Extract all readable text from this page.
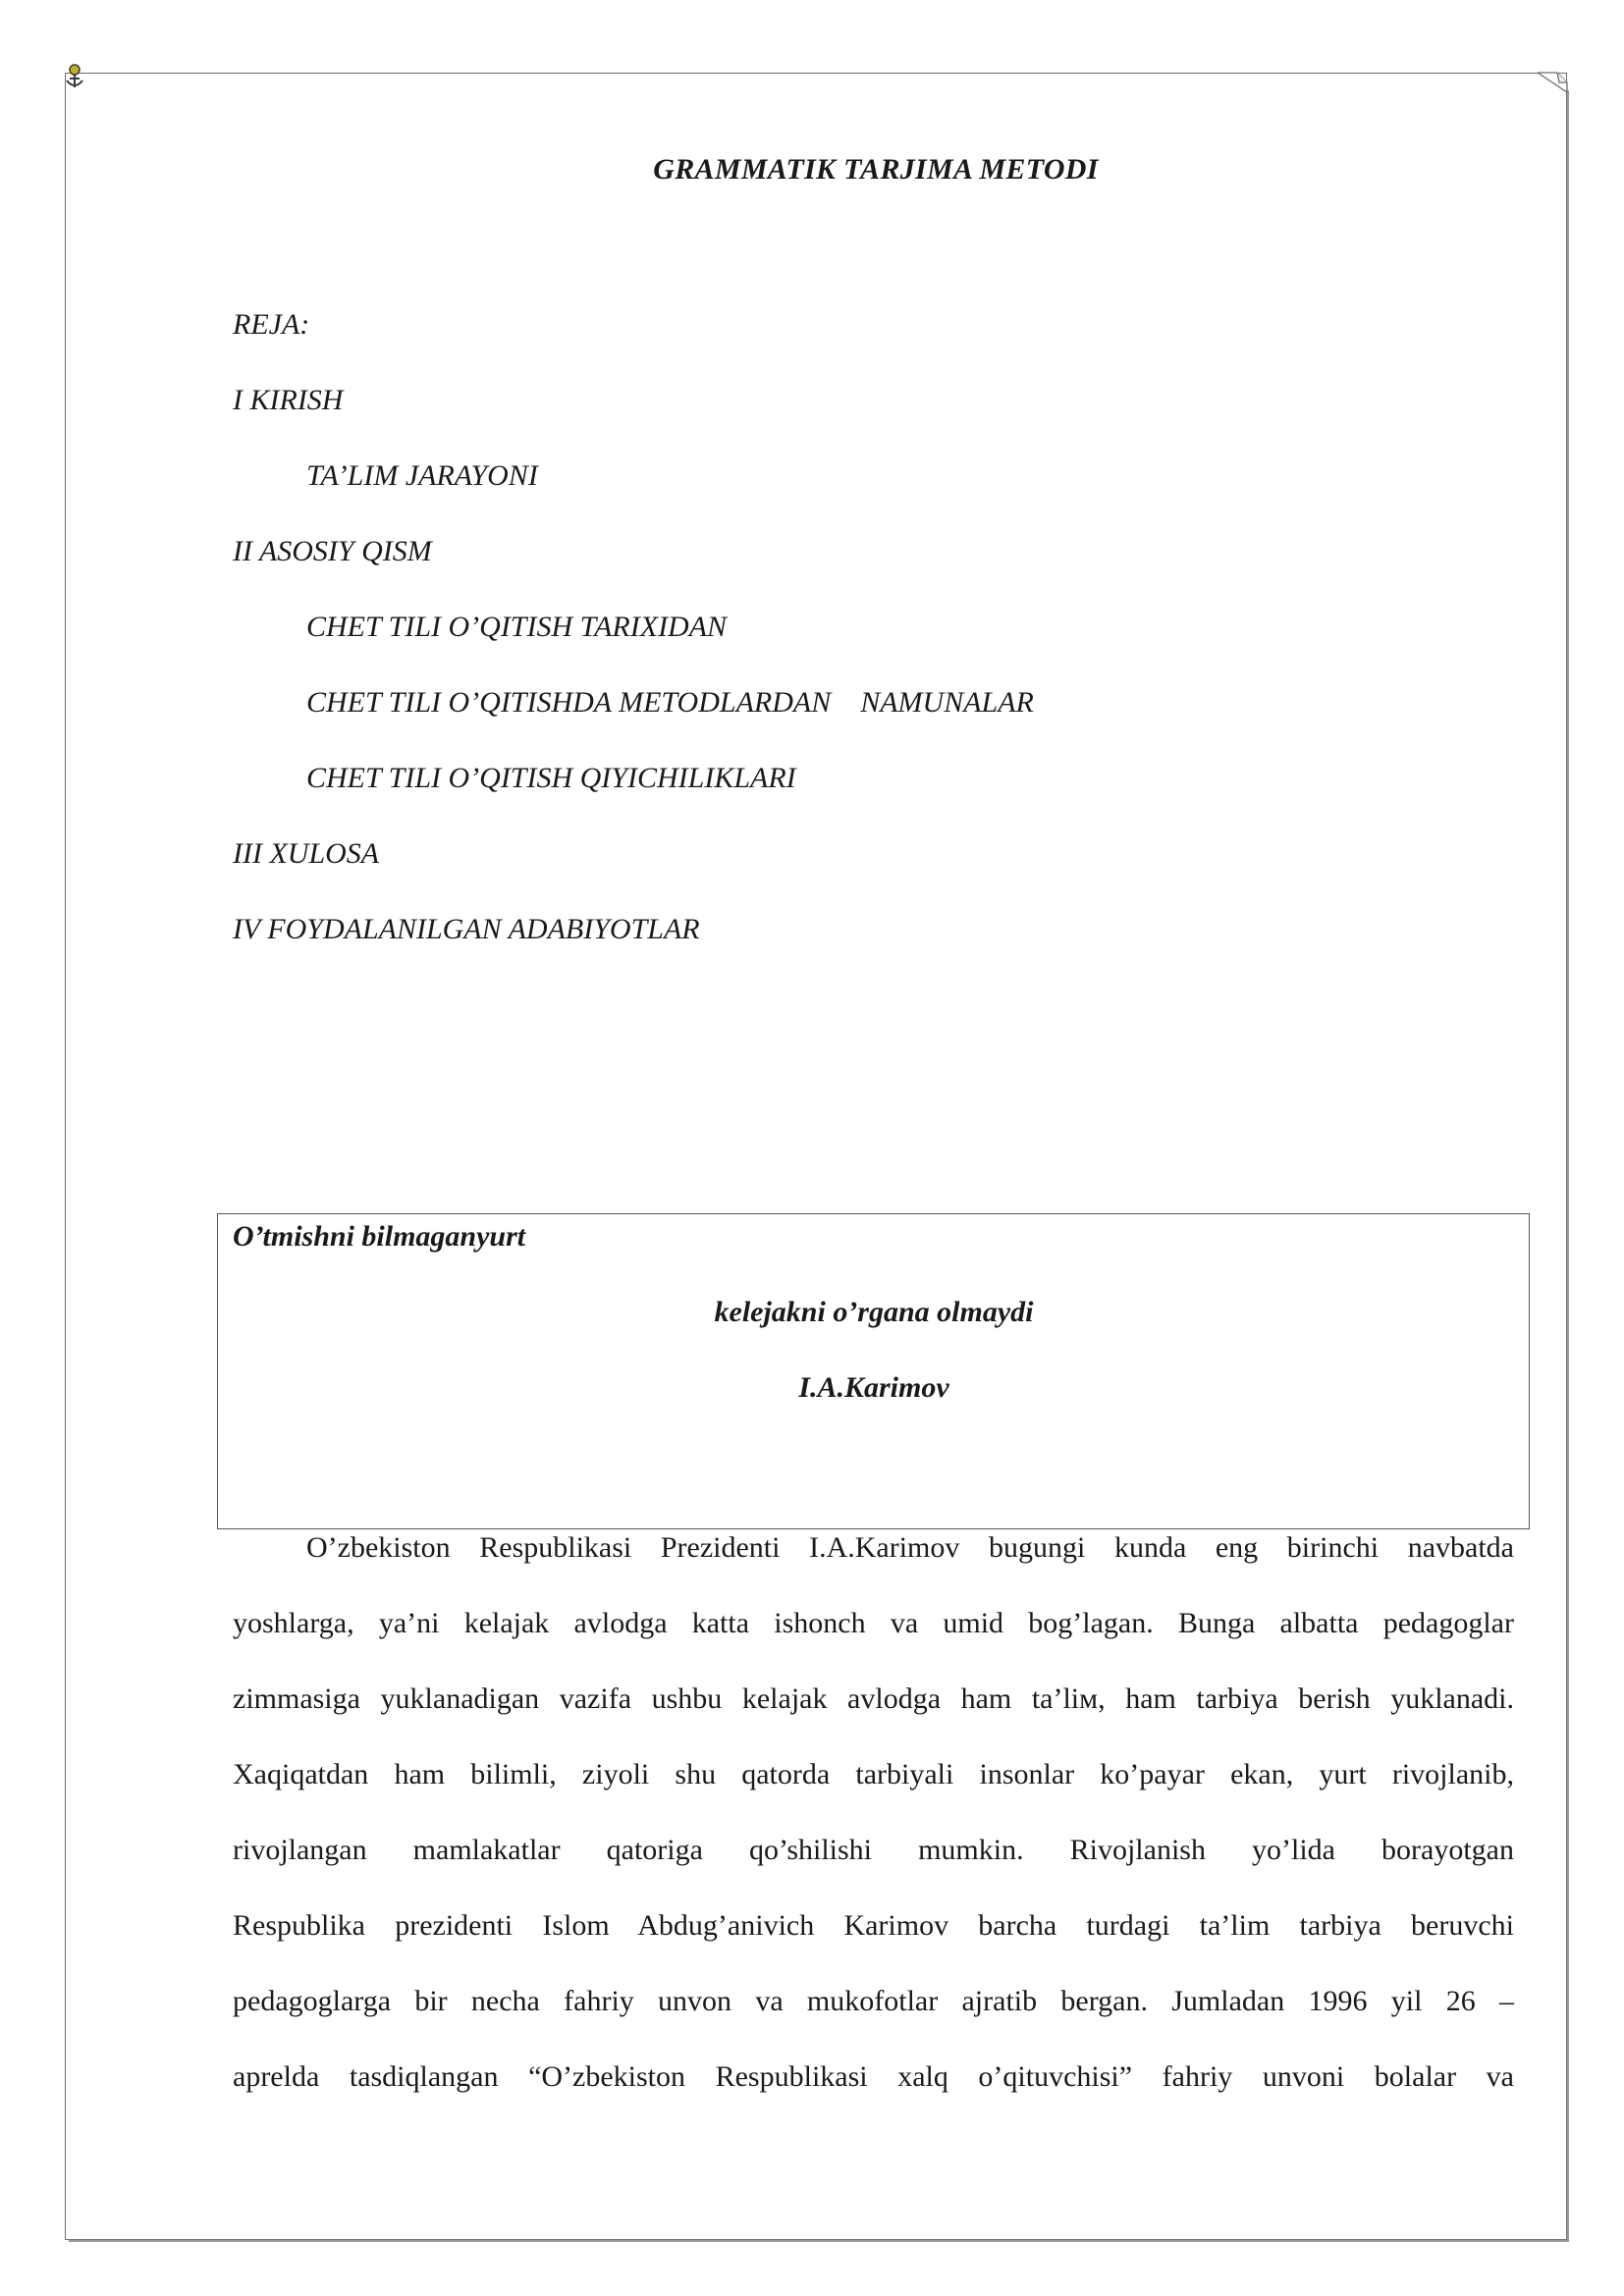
GRAMMATIK TARJIMA METODI
REJA:
I KIRISH
TA’LIM JARAYONI
II ASOSIY QISM
CHET TILI O’QITISH TARIXIDAN
CHET TILI O’QITISHDA METODLARDAN    NAMUNALAR
CHET TILI O’QITISH QIYICHILIKLARI
III XULOSA
IV FOYDALANILGAN ADABIYOTLAR
O’tmishni bilmaganyurt
kelejakni o’rgana olmaydi
I.A.Karimov
O’zbekiston Respublikasi Prezidenti I.A.Karimov bugungi kunda eng birinchi navbatda
yoshlarga, ya’ni kelajak avlodga katta ishonch va umid bog’lagan. Bunga albatta pedagoglar
zimmasiga yuklanadigan vazifa ushbu kelajak avlodga ham ta’liм, ham tarbiya berish yuklanadi.
Xaqiqatdan ham bilimli, ziyoli shu qatorda tarbiyali insonlar ko’payar ekan, yurt rivojlanib,
rivojlangan mamlakatlar qatoriga qo’shilishi mumkin. Rivojlanish yo’lida borayotgan
Respublika prezidenti Islom Abdug’anivich Karimov barcha turdagi ta’lim tarbiya beruvchi
pedagoglarga bir necha fahriy unvon va mukofotlar ajratib bergan. Jumladan 1996 yil 26 –
aprelda tasdiqlangan “O’zbekiston Respublikasi xalq o’qituvchisi” fahriy unvoni bolalar va
